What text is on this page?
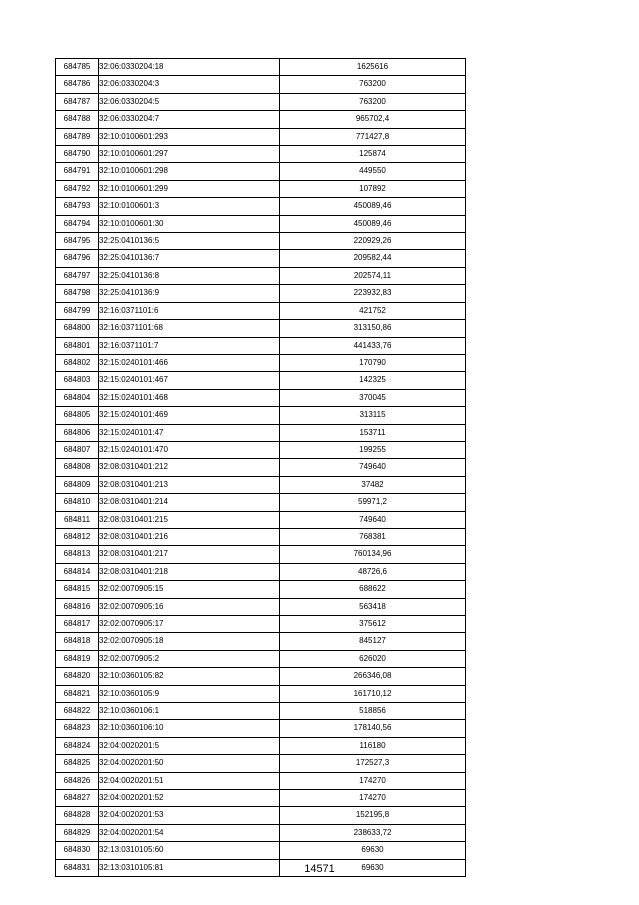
684785	32:06:0330204:18	1625616
684786	32:06:0330204:3	763200
684787	32:06:0330204:5	763200
684788	32:06:0330204:7	965702,4
684789	32:10:0100601:293	771427,8
684790	32:10:0100601:297	125874
684791	32:10:0100601:298	449550
684792	32:10:0100601:299	107892
684793	32:10:0100601:3	450089,46
684794	32:10:0100601:30	450089,46
684795	32:25:0410136:5	220929,26
684796	32:25:0410136:7	209582,44
684797	32:25:0410136:8	202574,11
684798	32:25:0410136:9	223932,83
684799	32:16:0371101:6	421752
684800	32:16:0371101:68	313150,86
684801	32:16:0371101:7	441433,76
684802	32:15:0240101:466	170790
684803	32:15:0240101:467	142325
684804	32:15:0240101:468	370045
684805	32:15:0240101:469	313115
684806	32:15:0240101:47	153711
684807	32:15:0240101:470	199255
684808	32:08:0310401:212	749640
684809	32:08:0310401:213	37482
684810	32:08:0310401:214	59971,2
684811	32:08:0310401:215	749640
684812	32:08:0310401:216	768381
684813	32:08:0310401:217	760134,96
684814	32:08:0310401:218	48726,6
684815	32:02:0070905:15	688622
684816	32:02:0070905:16	563418
684817	32:02:0070905:17	375612
684818	32:02:0070905:18	845127
684819	32:02:0070905:2	626020
684820	32:10:0360105:82	266346,08
684821	32:10:0360105:9	161710,12
684822	32:10:0360106:1	518856
684823	32:10:0360106:10	178140,56
684824	32:04:0020201:5	116180
684825	32:04:0020201:50	172527,3
684826	32:04:0020201:51	174270
684827	32:04:0020201:52	174270
684828	32:04:0020201:53	152195,8
684829	32:04:0020201:54	238633,72
684830	32:13:0310105:60	69630
684831	32:13:0310105:81	69630
14571
